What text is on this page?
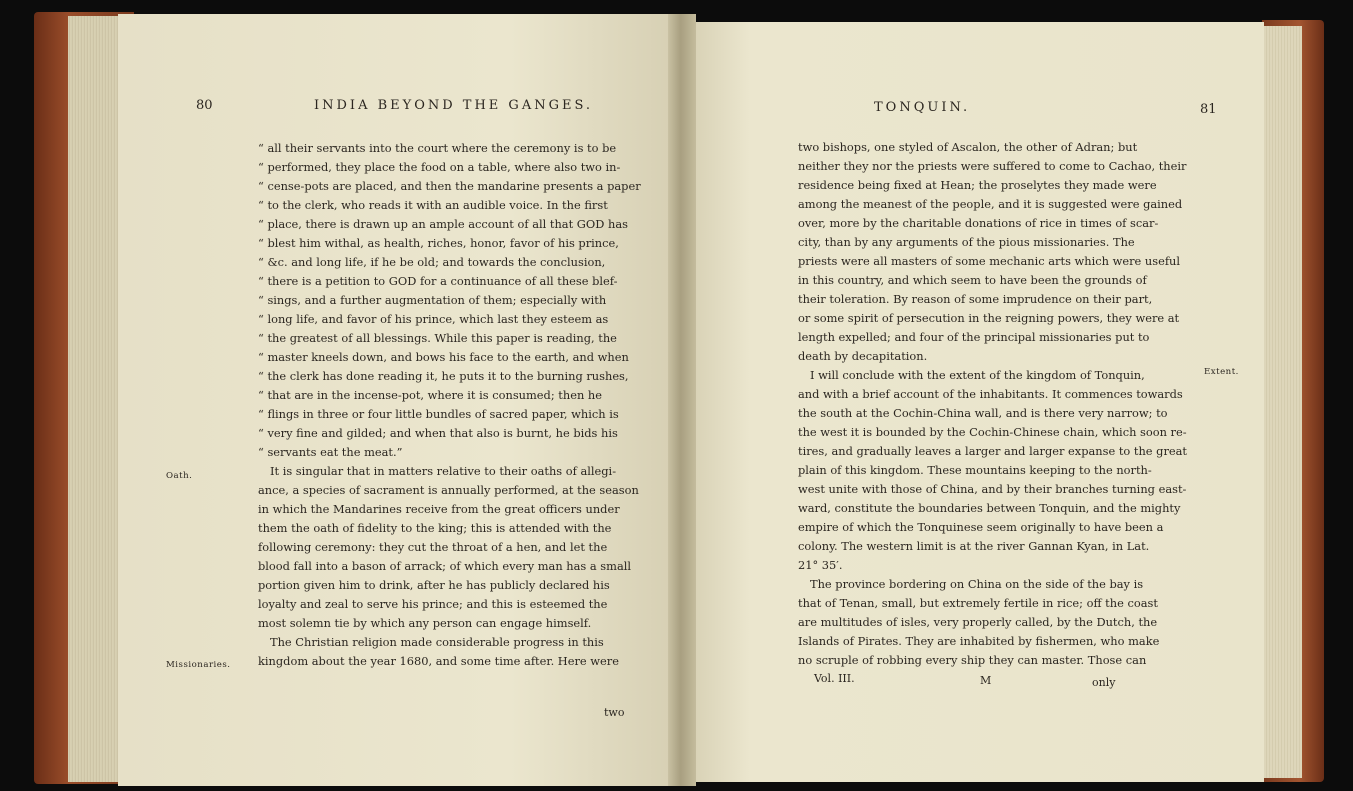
80	INDIA BEYOND THE GANGES.
Oath.
Missionaries.
“ all their servants into the court where the ceremony is to be
“ performed, they place the food on a table, where also two in-
“ cense-pots are placed, and then the mandarine presents a paper
“ to the clerk, who reads it with an audible voice. In the first
“ place, there is drawn up an ample account of all that GOD has
“ blest him withal, as health, riches, honor, favor of his prince,
“ &c. and long life, if he be old; and towards the conclusion,
“ there is a petition to GOD for a continuance of all these blef-
“ sings, and a further augmentation of them; especially with
“ long life, and favor of his prince, which last they esteem as
“ the greatest of all blessings. While this paper is reading, the
“ master kneels down, and bows his face to the earth, and when
“ the clerk has done reading it, he puts it to the burning rushes,
“ that are in the incense-pot, where it is consumed; then he
“ flings in three or four little bundles of sacred paper, which is
“ very fine and gilded; and when that also is burnt, he bids his
“ servants eat the meat.”
It is singular that in matters relative to their oaths of allegi-
ance, a species of sacrament is annually performed, at the season
in which the Mandarines receive from the great officers under
them the oath of fidelity to the king; this is attended with the
following ceremony: they cut the throat of a hen, and let the
blood fall into a bason of arrack; of which every man has a small
portion given him to drink, after he has publicly declared his
loyalty and zeal to serve his prince; and this is esteemed the
most solemn tie by which any person can engage himself.
The Christian religion made considerable progress in this
kingdom about the year 1680, and some time after. Here were
two
TONQUIN.	81
Extent.
two bishops, one styled of Ascalon, the other of Adran; but
neither they nor the priests were suffered to come to Cachao, their
residence being fixed at Hean; the proselytes they made were
among the meanest of the people, and it is suggested were gained
over, more by the charitable donations of rice in times of scar-
city, than by any arguments of the pious missionaries. The
priests were all masters of some mechanic arts which were useful
in this country, and which seem to have been the grounds of
their toleration. By reason of some imprudence on their part,
or some spirit of persecution in the reigning powers, they were at
length expelled; and four of the principal missionaries put to
death by decapitation.
I will conclude with the extent of the kingdom of Tonquin,
and with a brief account of the inhabitants. It commences towards
the south at the Cochin-China wall, and is there very narrow; to
the west it is bounded by the Cochin-Chinese chain, which soon re-
tires, and gradually leaves a larger and larger expanse to the great
plain of this kingdom. These mountains keeping to the north-
west unite with those of China, and by their branches turning east-
ward, constitute the boundaries between Tonquin, and the mighty
empire of which the Tonquinese seem originally to have been a
colony. The western limit is at the river Gannan Kyan, in Lat.
21° 35′.
The province bordering on China on the side of the bay is
that of Tenan, small, but extremely fertile in rice; off the coast
are multitudes of isles, very properly called, by the Dutch, the
Islands of Pirates. They are inhabited by fishermen, who make
no scruple of robbing every ship they can master. Those can
Vol. III.	M	only
